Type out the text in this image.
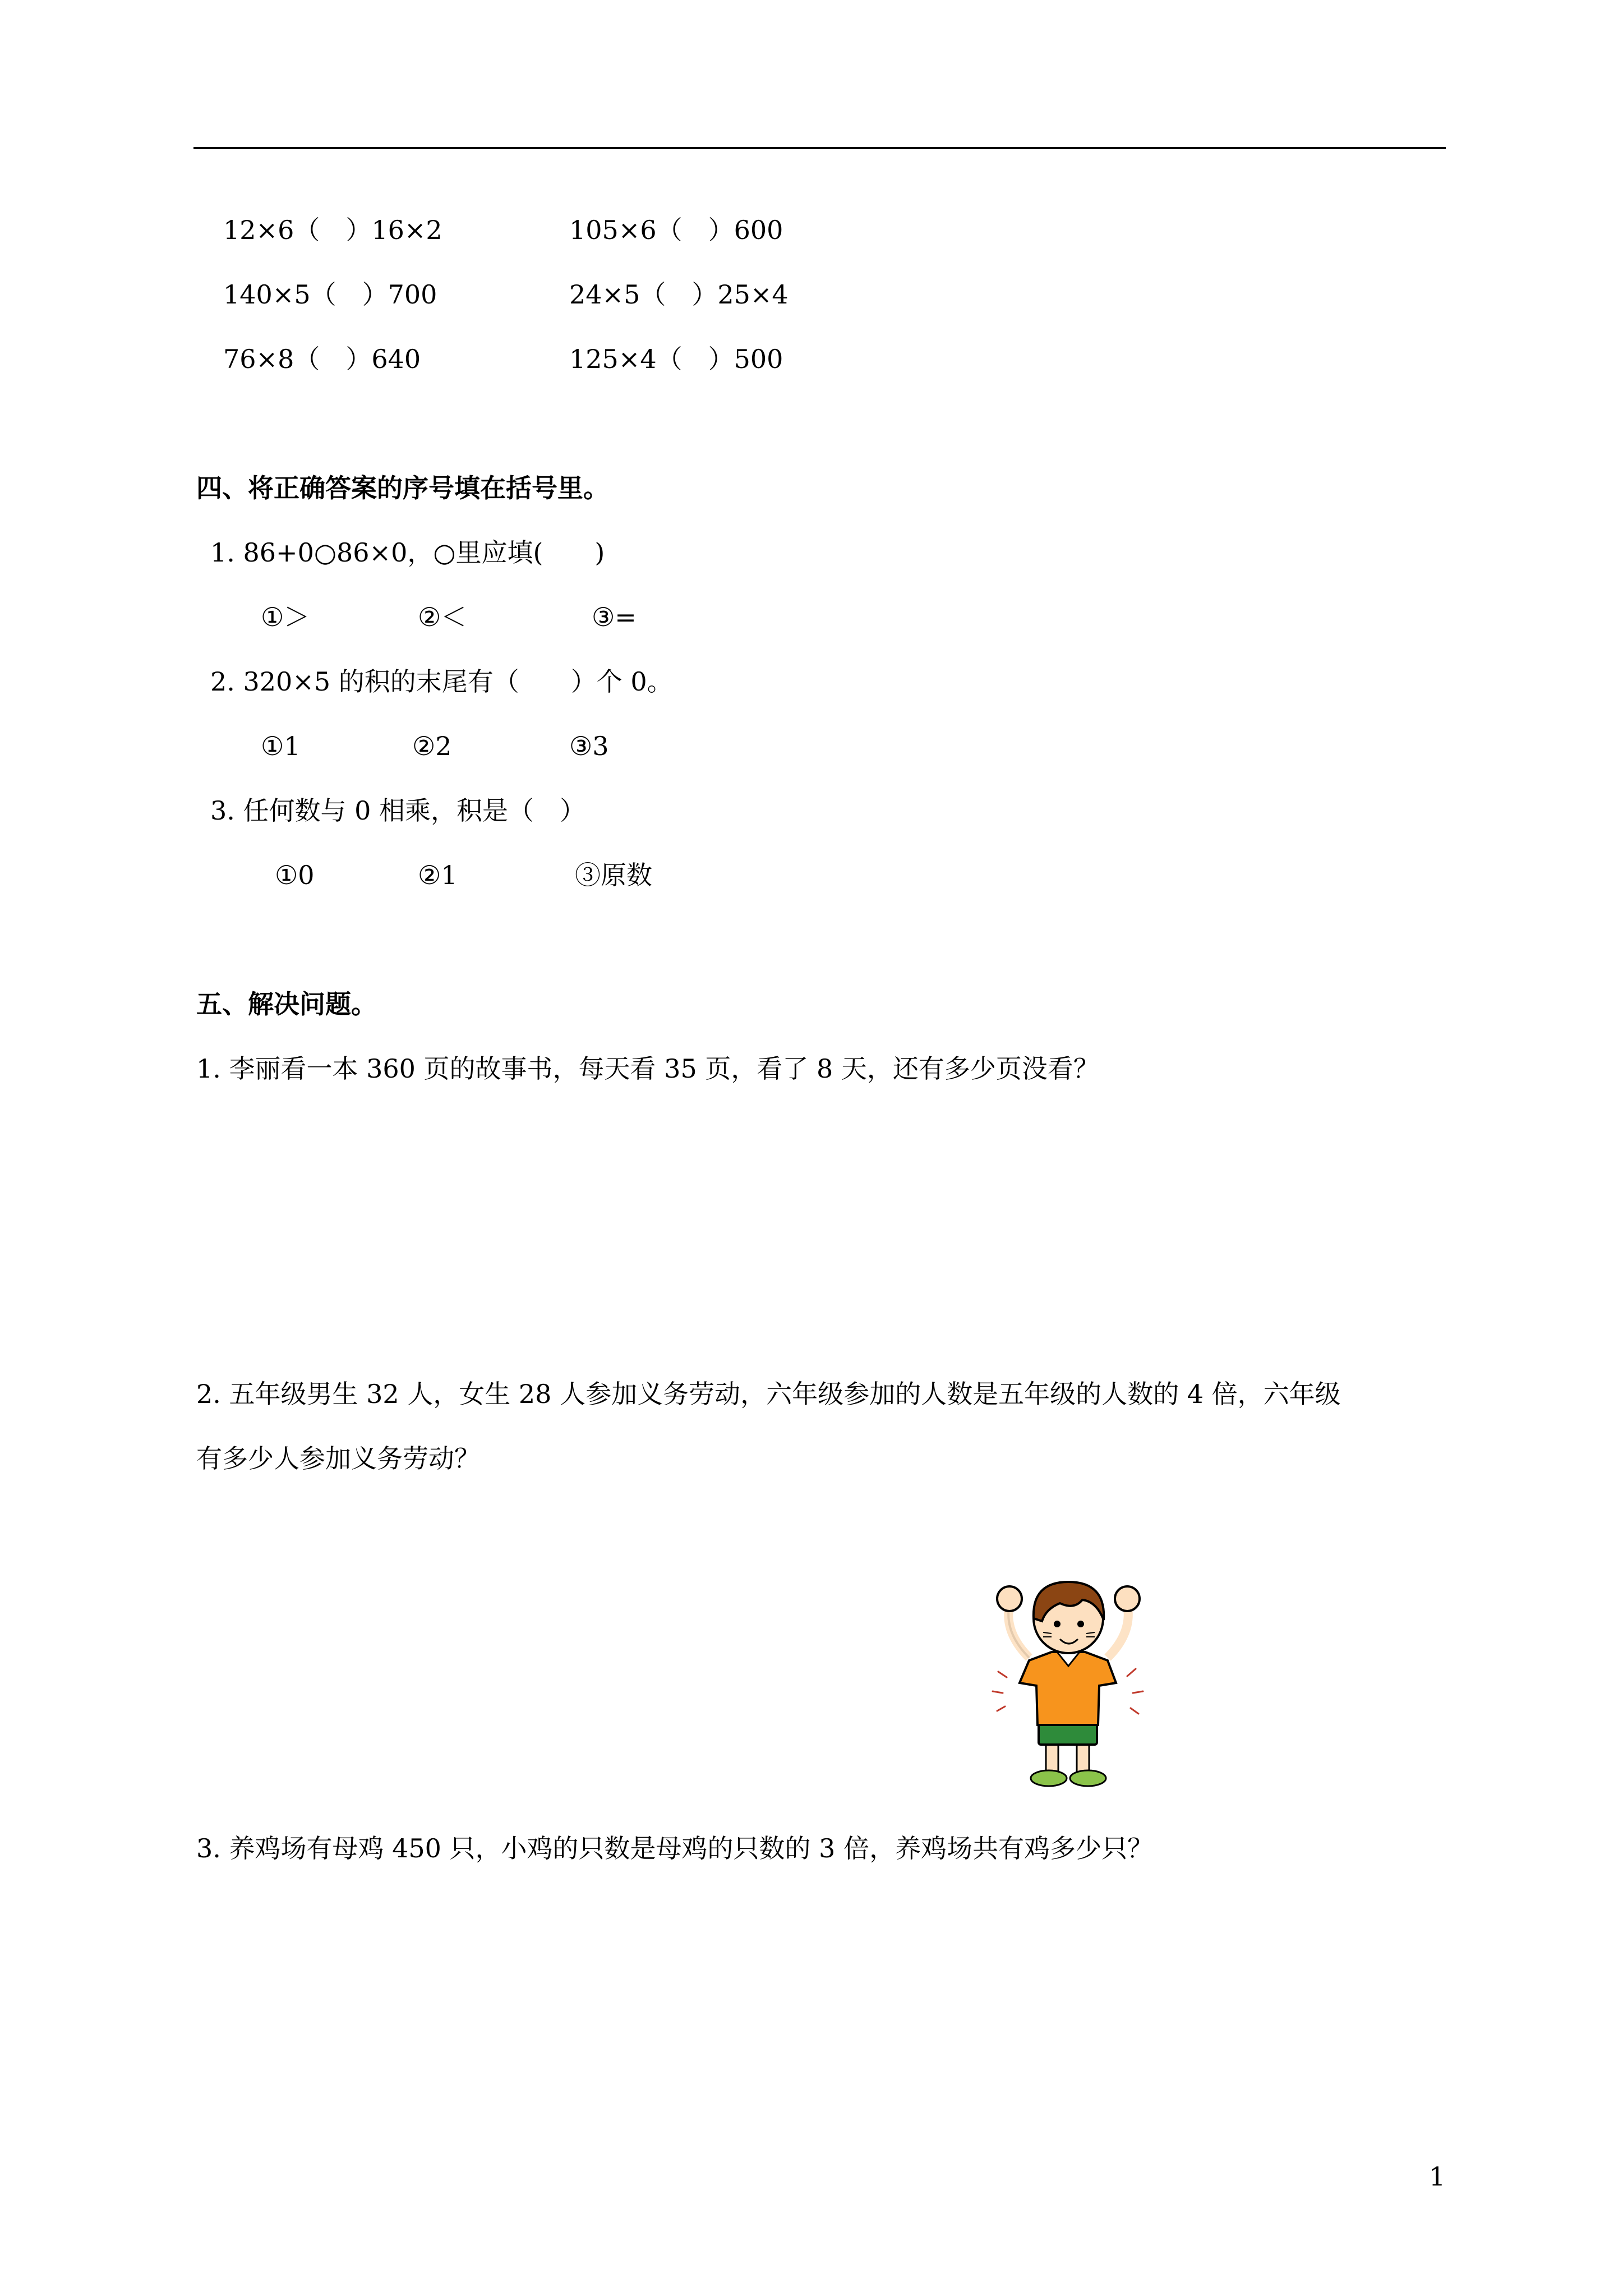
12×6（　）16×2	105×6（　）600
140×5（　）700	24×5（　）25×4
76×8（　）640	125×4（　）500
四、将正确答案的序号填在括号里。
1. 86+0○86×0，○里应填(　　)
①＞	②＜	③=
2. 320×5 的积的末尾有（　　）个 0。
①1	②2	③3
3. 任何数与 0 相乘，积是（　）
①0	②1	③原数
五、解决问题。
1. 李丽看一本 360 页的故事书，每天看 35 页，看了 8 天，还有多少页没看？
2. 五年级男生 32 人，女生 28 人参加义务劳动，六年级参加的人数是五年级的人数的 4 倍，六年级
有多少人参加义务劳动？
3. 养鸡场有母鸡 450 只，小鸡的只数是母鸡的只数的 3 倍，养鸡场共有鸡多少只？
1
